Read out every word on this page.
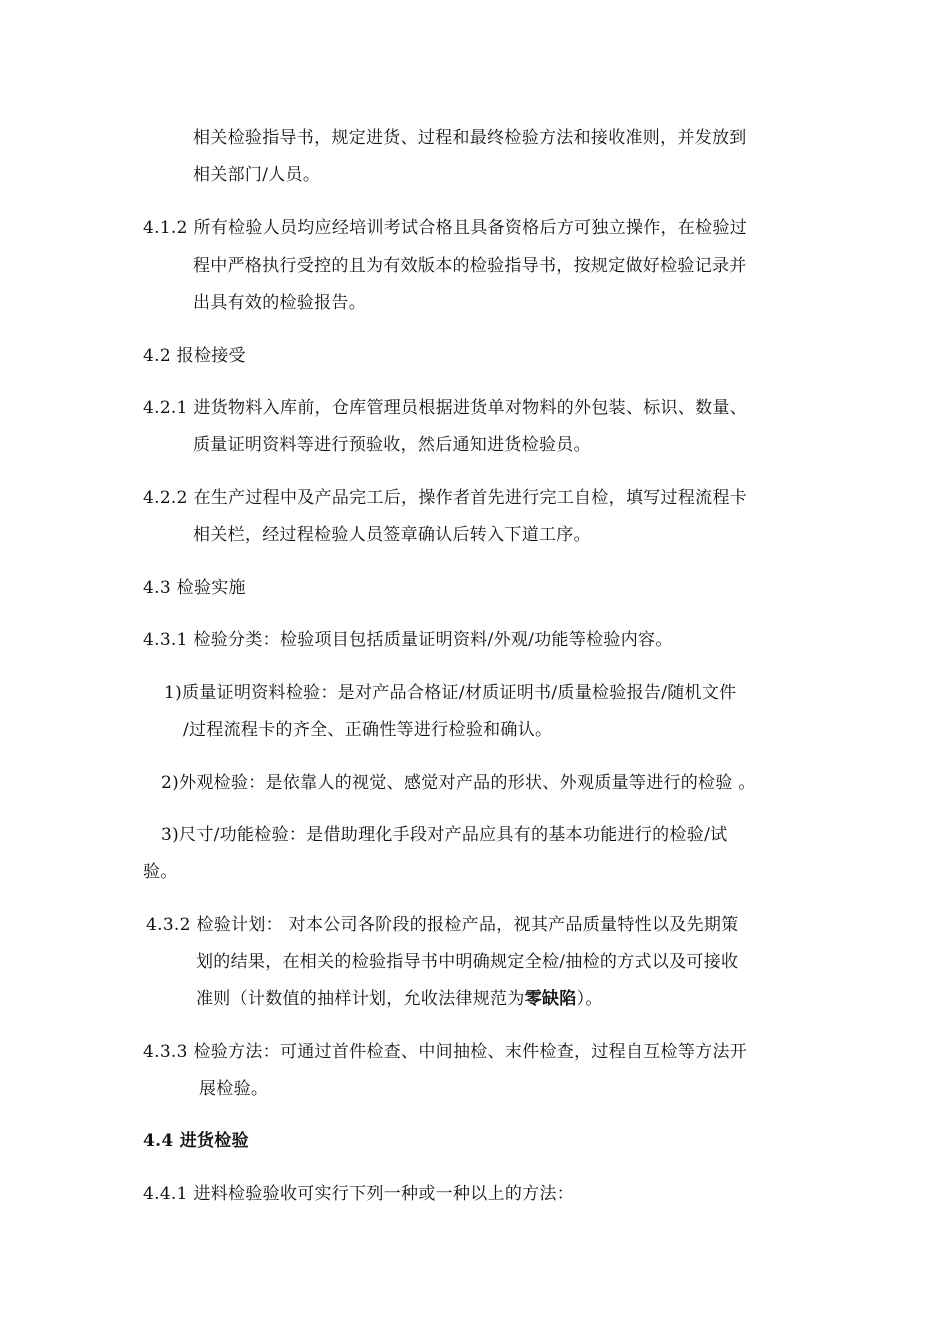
相关检验指导书，规定进货、过程和最终检验方法和接收准则，并发放到
相关部门/人员。
4.1.2 所有检验人员均应经培训考试合格且具备资格后方可独立操作，在检验过
程中严格执行受控的且为有效版本的检验指导书，按规定做好检验记录并
出具有效的检验报告。
4.2 报检接受
4.2.1 进货物料入库前，仓库管理员根据进货单对物料的外包装、标识、数量、
质量证明资料等进行预验收，然后通知进货检验员。
4.2.2 在生产过程中及产品完工后，操作者首先进行完工自检，填写过程流程卡
相关栏，经过程检验人员签章确认后转入下道工序。
4.3 检验实施
4.3.1 检验分类：检验项目包括质量证明资料/外观/功能等检验内容。
1)质量证明资料检验：是对产品合格证/材质证明书/质量检验报告/随机文件
/过程流程卡的齐全、正确性等进行检验和确认。
2)外观检验：是依靠人的视觉、感觉对产品的形状、外观质量等进行的检验 。
3)尺寸/功能检验：是借助理化手段对产品应具有的基本功能进行的检验/试
验。
4.3.2 检验计划： 对本公司各阶段的报检产品，视其产品质量特性以及先期策
划的结果，在相关的检验指导书中明确规定全检/抽检的方式以及可接收
准则（计数值的抽样计划，允收法律规范为零缺陷）。
4.3.3 检验方法：可通过首件检查、中间抽检、末件检查，过程自互检等方法开
展检验。
4.4 进货检验
4.4.1 进料检验验收可实行下列一种或一种以上的方法：
